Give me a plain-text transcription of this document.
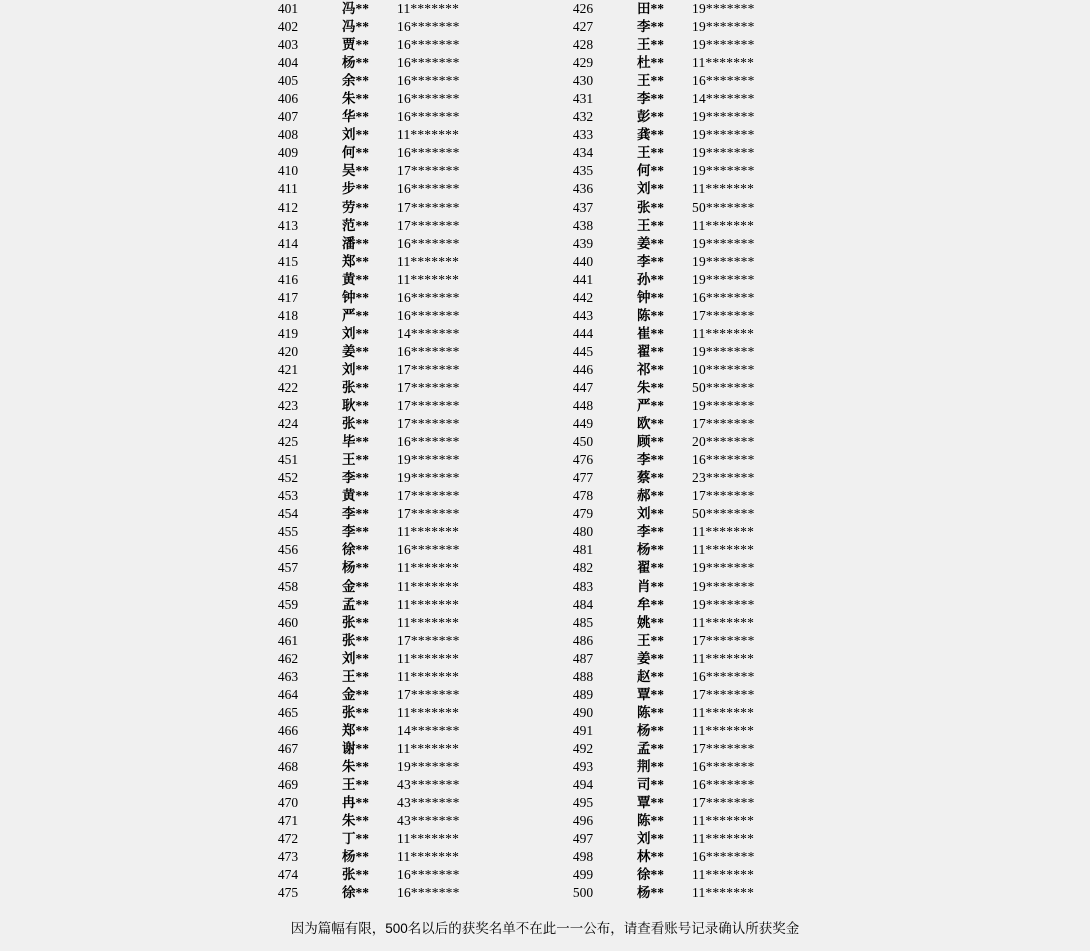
401	冯**	11*******		426	田**	19*******
402	冯**	16*******		427	李**	19*******
403	贾**	16*******		428	王**	19*******
404	杨**	16*******		429	杜**	11*******
405	余**	16*******		430	王**	16*******
406	朱**	16*******		431	李**	14*******
407	华**	16*******		432	彭**	19*******
408	刘**	11*******		433	龚**	19*******
409	何**	16*******		434	王**	19*******
410	吴**	17*******		435	何**	19*******
411	步**	16*******		436	刘**	11*******
412	劳**	17*******		437	张**	50*******
413	范**	17*******		438	王**	11*******
414	潘**	16*******		439	姜**	19*******
415	郑**	11*******		440	李**	19*******
416	黄**	11*******		441	孙**	19*******
417	钟**	16*******		442	钟**	16*******
418	严**	16*******		443	陈**	17*******
419	刘**	14*******		444	崔**	11*******
420	姜**	16*******		445	翟**	19*******
421	刘**	17*******		446	祁**	10*******
422	张**	17*******		447	朱**	50*******
423	耿**	17*******		448	严**	19*******
424	张**	17*******		449	欧**	17*******
425	毕**	16*******		450	顾**	20*******
451	王**	19*******		476	李**	16*******
452	李**	19*******		477	蔡**	23*******
453	黄**	17*******		478	郝**	17*******
454	李**	17*******		479	刘**	50*******
455	李**	11*******		480	李**	11*******
456	徐**	16*******		481	杨**	11*******
457	杨**	11*******		482	翟**	19*******
458	金**	11*******		483	肖**	19*******
459	孟**	11*******		484	牟**	19*******
460	张**	11*******		485	姚**	11*******
461	张**	17*******		486	王**	17*******
462	刘**	11*******		487	姜**	11*******
463	王**	11*******		488	赵**	16*******
464	金**	17*******		489	覃**	17*******
465	张**	11*******		490	陈**	11*******
466	郑**	14*******		491	杨**	11*******
467	谢**	11*******		492	孟**	17*******
468	朱**	19*******		493	荆**	16*******
469	王**	43*******		494	司**	16*******
470	冉**	43*******		495	覃**	17*******
471	朱**	43*******		496	陈**	11*******
472	丁**	11*******		497	刘**	11*******
473	杨**	11*******		498	林**	16*******
474	张**	16*******		499	徐**	11*******
475	徐**	16*******		500	杨**	11*******
因为篇幅有限，500名以后的获奖名单不在此一一公布，请查看账号记录确认所获奖金
